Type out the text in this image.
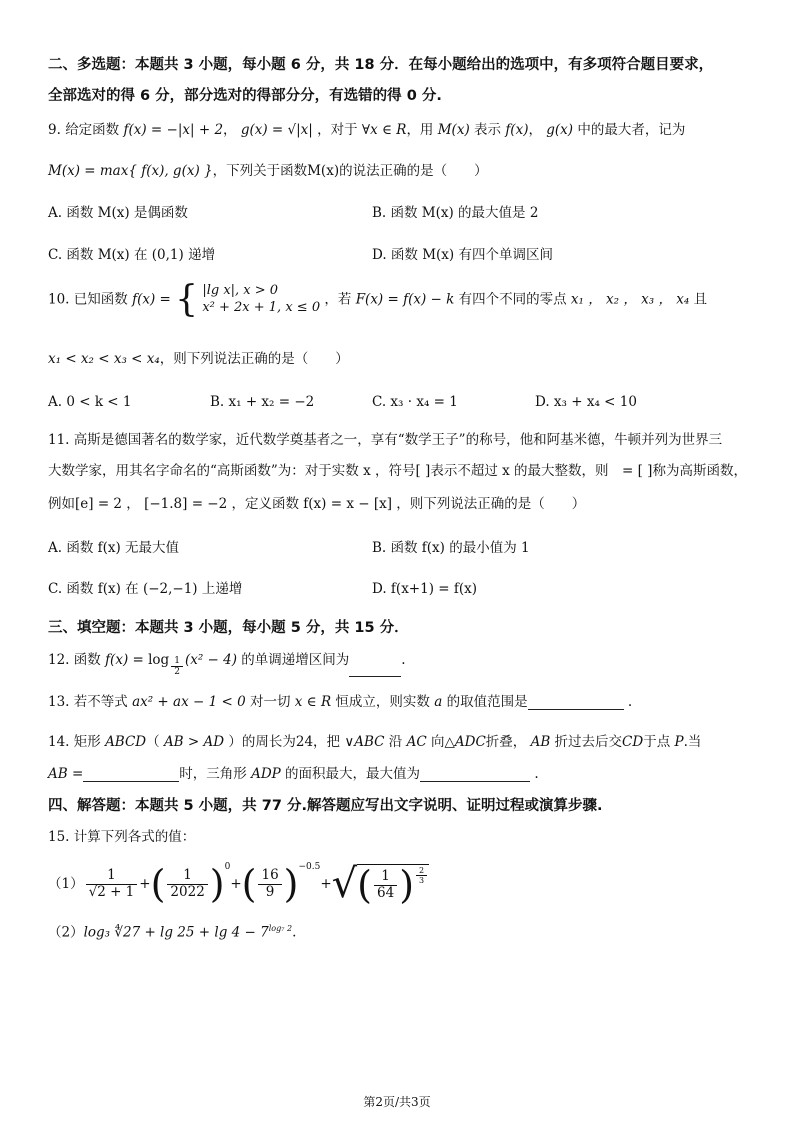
二、多选题：本题共 3 小题，每小题 6 分，共 18 分．在每小题给出的选项中，有多项符合题目要求，
全部选对的得 6 分，部分选对的得部分分，有选错的得 0 分.
9. 给定函数 f(x) = −|x| + 2， g(x) = √|x| ，对于 ∀x ∈ R，用 M(x) 表示 f(x)， g(x) 中的最大者，记为
M(x) = max{ f(x), g(x) }，下列关于函数M(x)的说法正确的是（　　）
A. 函数 M(x) 是偶函数	B. 函数 M(x) 的最大值是 2
C. 函数 M(x) 在 (0,1) 递增	D. 函数 M(x) 有四个单调区间
10. 已知函数 f(x) = { |lg x|, x > 0
x² + 2x + 1, x ≤ 0 ，若 F(x) = f(x) − k 有四个不同的零点 x₁ ， x₂ ， x₃ ， x₄ 且
x₁ < x₂ < x₃ < x₄，则下列说法正确的是（　　）
A. 0 < k < 1	B. x₁ + x₂ = −2	C. x₃ · x₄ = 1	D. x₃ + x₄ < 10
11. 高斯是德国著名的数学家，近代数学奠基者之一，享有“数学王子”的称号，他和阿基米德，牛顿并列为世界三
大数学家，用其名字命名的“高斯函数”为：对于实数 x ，符号[ ]表示不超过 x 的最大整数，则　= [ ]称为高斯函数，
例如[e] = 2 ， [−1.8] = −2 ，定义函数 f(x) = x − [x] ，则下列说法正确的是（　　）
A. 函数 f(x) 无最大值	B. 函数 f(x) 的最小值为 1
C. 函数 f(x) 在 (−2,−1) 上递增	D. f(x+1) = f(x)
三、填空题：本题共 3 小题，每小题 5 分，共 15 分．
12. 函数 $f(x) = \log \frac{1}{2} (x^2 - 4)$ 的单调递增区间为	.
13. 若不等式 ax² + ax − 1 < 0 对一切 x ∈ R 恒成立，则实数 a 的取值范围是	.
14. 矩形 ABCD（ AB > AD ）的周长为24，把 ∨ABC 沿 AC 向△ADC折叠， AB 折过去后交CD于点 P.当
AB =	时，三角形 ADP 的面积最大，最大值为	.
四、解答题：本题共 5 小题，共 77 分.解答题应写出文字说明、证明过程或演算步骤.
15. 计算下列各式的值：
$(1) \frac{1}{√2 + 1}$ + ( $\frac{1}{2022} )^0$
+ ( $\frac{16}{9} )^{-0.5}$
+ √ ( $\frac{1}{64}$ ) $\frac{2}{3}$
（2）log₃ ∜27 + $\lg 25 + \lg 4 - 7^{log_7 2}$.
第2页/共3页
